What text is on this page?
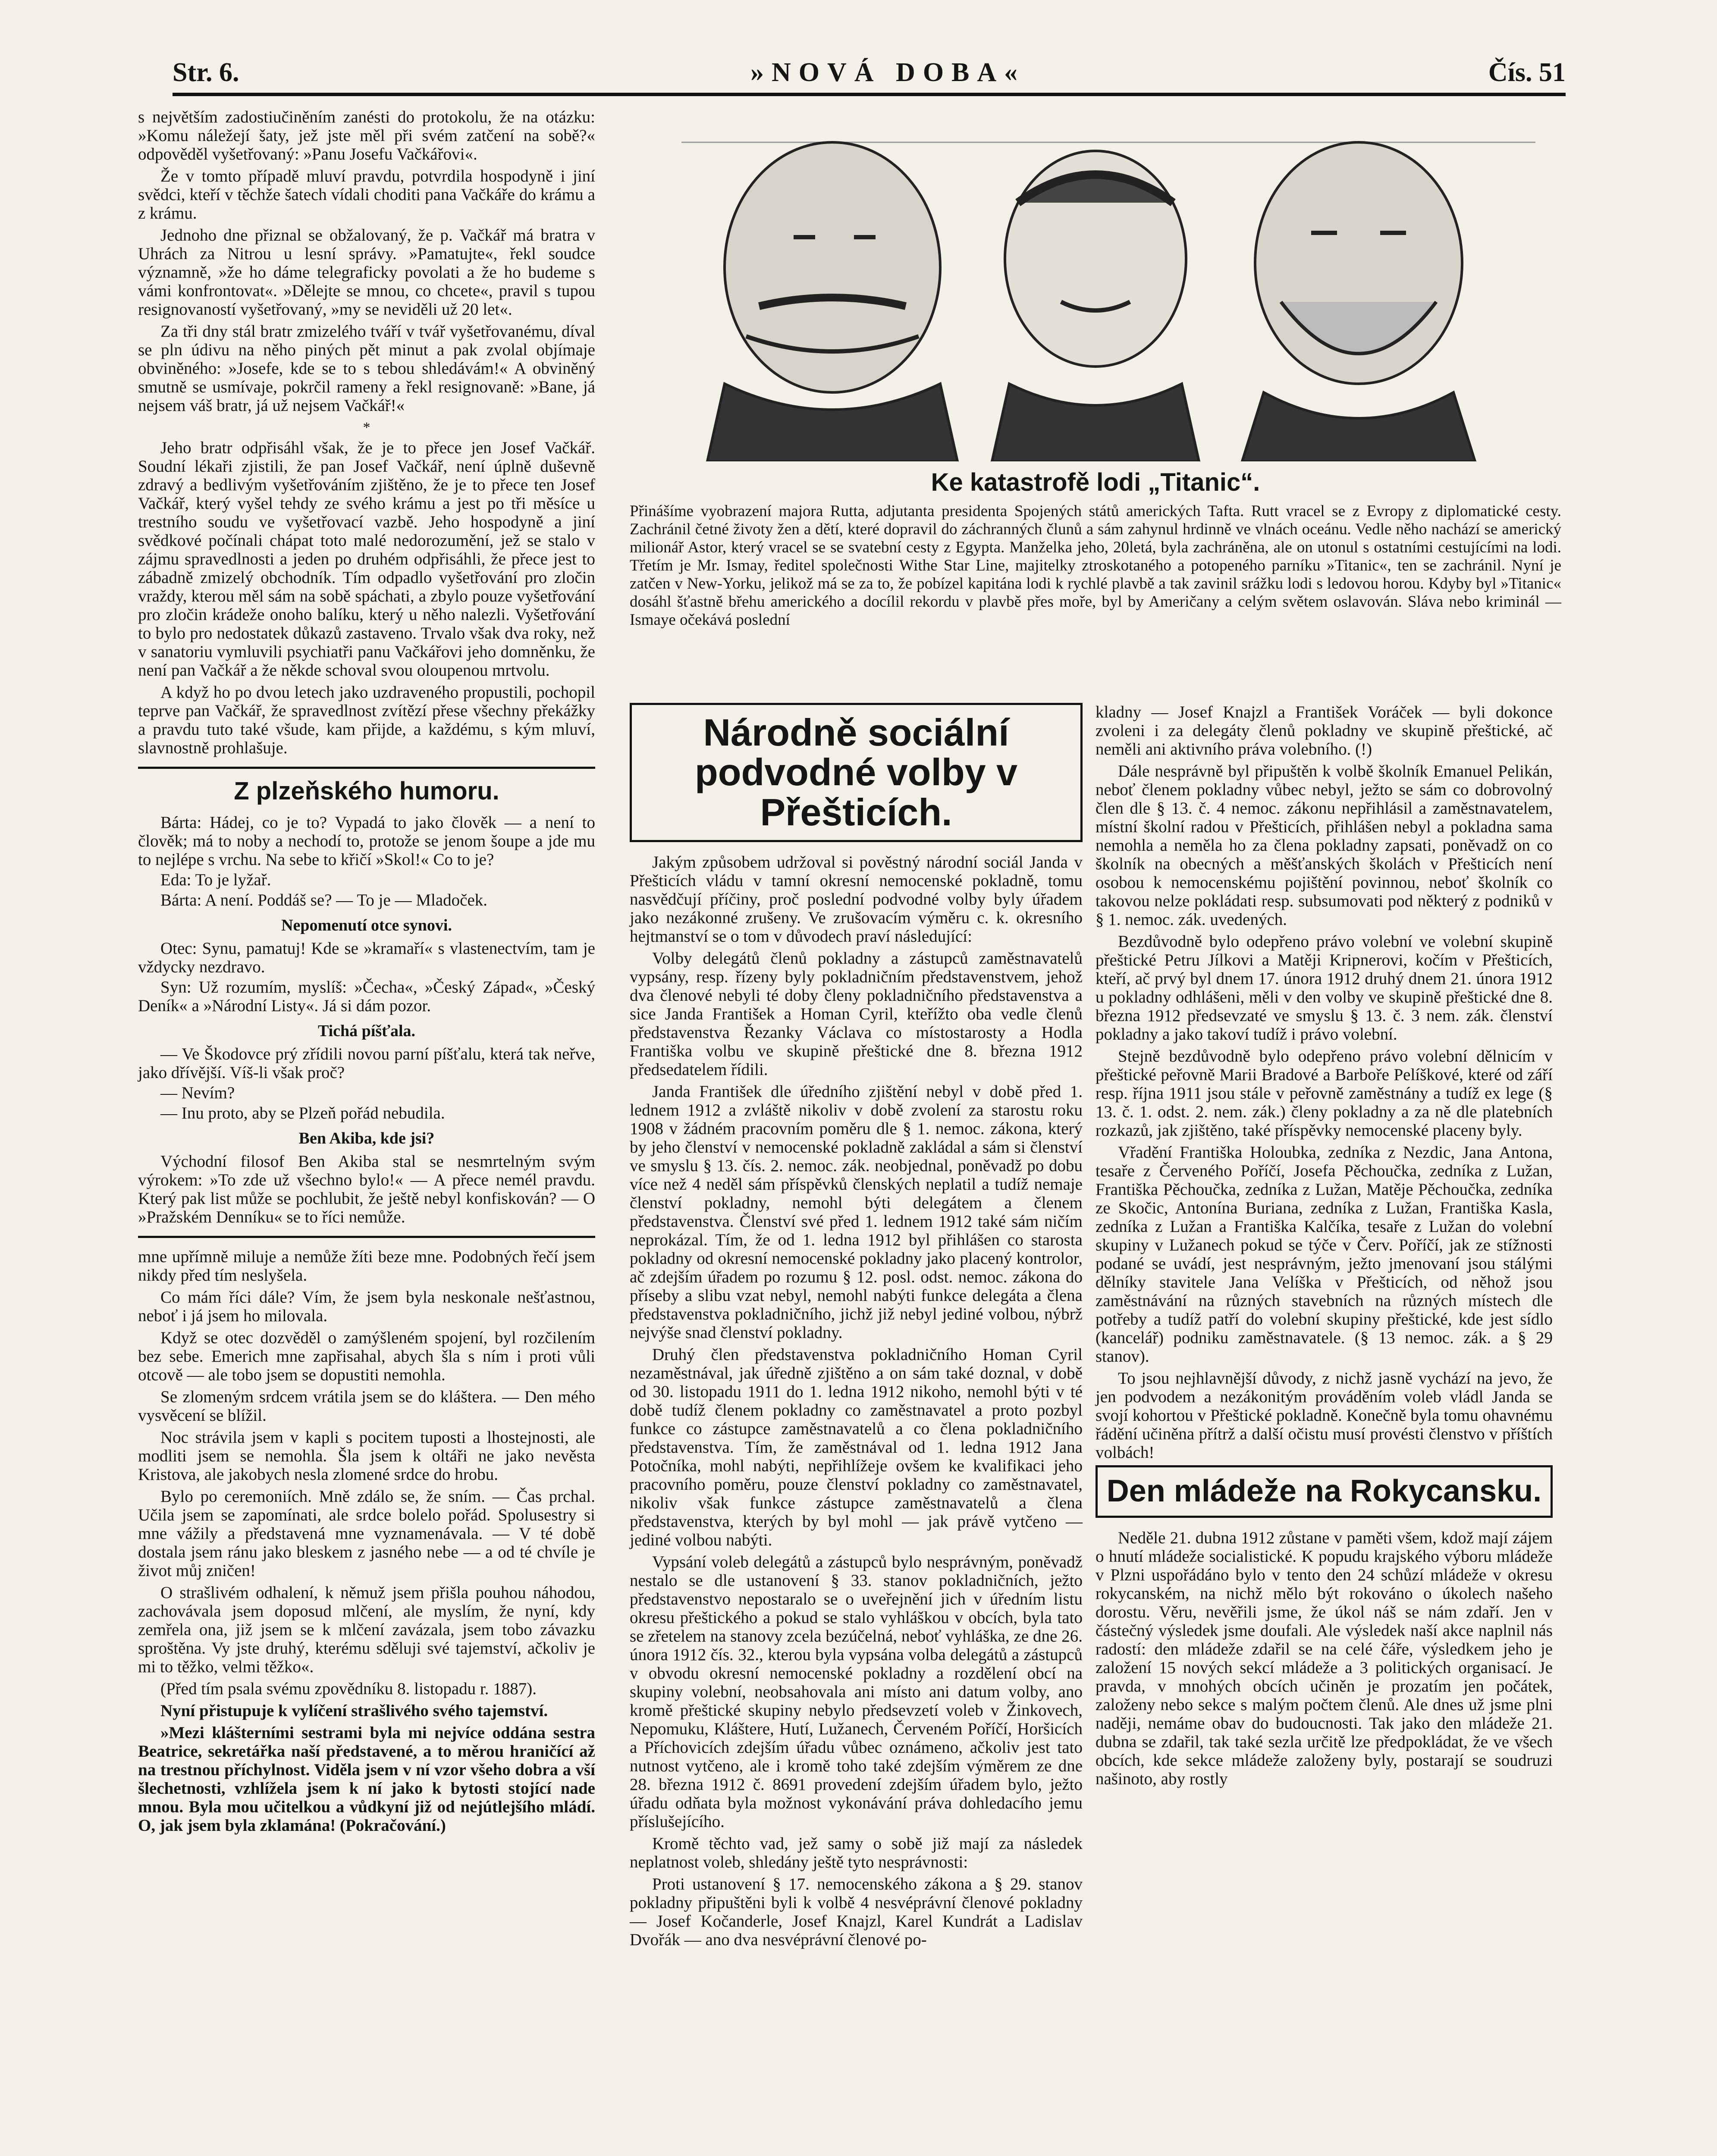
Str. 6.	»NOVÁ DOBA«	Čís. 51

s největším zadostiučiněním zanésti do protokolu, že na otázku: »Komu náležejí šaty, jež jste měl při svém zatčení na sobě?« odpověděl vyšetřovaný: »Panu Josefu Vačkářovi«.

Že v tomto případě mluví pravdu, potvrdila hospodyně i jiní svědci, kteří v těchže šatech vídali choditi pana Vačkáře do krámu a z krámu.

Jednoho dne přiznal se obžalovaný, že p. Vačkář má bratra v Uhrách za Nitrou u lesní správy. »Pamatujte«, řekl soudce významně, »že ho dáme telegraficky povolati a že ho budeme s vámi konfrontovat«. »Dělejte se mnou, co chcete«, pravil s tupou resignovaností vyšetřovaný, »my se neviděli už 20 let«.

Za tři dny stál bratr zmizelého tváří v tvář vyšetřovanému, díval se pln údivu na něho piných pět minut a pak zvolal objímaje obviněného: »Josefe, kde se to s tebou shledávám!« A obviněný smutně se usmívaje, pokrčil rameny a řekl resignovaně: »Bane, já nejsem váš bratr, já už nejsem Vačkář!«

*

Jeho bratr odpřisáhl však, že je to přece jen Josef Vačkář. Soudní lékaři zjistili, že pan Josef Vačkář, není úplně duševně zdravý a bedlivým vyšetřováním zjištěno, že je to přece ten Josef Vačkář, který vyšel tehdy ze svého krámu a jest po tři měsíce u trestního soudu ve vyšetřovací vazbě. Jeho hospodyně a jiní svědkové počínali chápat toto malé nedorozumění, jež se stalo v zájmu spravedlnosti a jeden po druhém odpřisáhli, že přece jest to zábadně zmizelý obchodník. Tím odpadlo vyšetřování pro zločin vraždy, kterou měl sám na sobě spáchati, a zbylo pouze vyšetřování pro zločin krádeže onoho balíku, který u něho nalezli. Vyšetřování to bylo pro nedostatek důkazů zastaveno. Trvalo však dva roky, než v sanatoriu vymluvili psychiatři panu Vačkářovi jeho domněnku, že není pan Vačkář a že někde schoval svou oloupenou mrtvolu.

A když ho po dvou letech jako uzdraveného propustili, pochopil teprve pan Vačkář, že spravedlnost zvítězí přese všechny překážky a pravdu tuto také všude, kam přijde, a každému, s kým mluví, slavnostně prohlašuje.

Z plzeňského humoru.

Bárta: Hádej, co je to? Vypadá to jako člověk — a není to člověk; má to noby a nechodí to, protože se jenom šoupe a jde mu to nejlépe s vrchu. Na sebe to křičí »Skol!« Co to je?

Eda: To je lyžař.

Bárta: A není. Poddáš se? — To je — Mladoček.

Nepomenutí otce synovi.

Otec: Synu, pamatuj! Kde se »kramaří« s vlastenectvím, tam je vždycky nezdravo.

Syn: Už rozumím, myslíš: »Čecha«, »Český Západ«, »Český Deník« a »Národní Listy«. Já si dám pozor.

Tichá píšťala.

— Ve Škodovce prý zřídili novou parní píšťalu, která tak neřve, jako dřívější. Víš-li však proč?

— Nevím?

— Inu proto, aby se Plzeň pořád nebudila.

Ben Akiba, kde jsi?

Východní filosof Ben Akiba stal se nesmrtelným svým výrokem: »To zde už všechno bylo!« — A přece nemél pravdu. Který pak list může se pochlubit, že ještě nebyl konfiskován? — O »Pražském Denníku« se to říci nemůže.

mne upřímně miluje a nemůže žíti beze mne. Podobných řečí jsem nikdy před tím neslyšela.

Co mám říci dále? Vím, že jsem byla neskonale nešťastnou, neboť i já jsem ho milovala.

Když se otec dozvěděl o zamýšleném spojení, byl rozčilením bez sebe. Emerich mne zapřisahal, abych šla s ním i proti vůli otcově — ale tobo jsem se dopustiti nemohla.

Se zlomeným srdcem vrátila jsem se do kláštera. — Den mého vysvěcení se blížil.

Noc strávila jsem v kapli s pocitem tuposti a lhostejnosti, ale modliti jsem se nemohla. Šla jsem k oltáři ne jako nevěsta Kristova, ale jakobych nesla zlomené srdce do hrobu.

Bylo po ceremoniích. Mně zdálo se, že sním. — Čas prchal. Učila jsem se zapomínati, ale srdce bolelo pořád. Spolusestry si mne vážily a představená mne vyznamenávala. — V té době dostala jsem ránu jako bleskem z jasného nebe — a od té chvíle je život můj zničen!

O strašlivém odhalení, k němuž jsem přišla pouhou náhodou, zachovávala jsem doposud mlčení, ale myslím, že nyní, kdy zemřela ona, již jsem se k mlčení zavázala, jsem tobo závazku sproštěna. Vy jste druhý, kterému sděluji své tajemství, ačkoliv je mi to těžko, velmi těžko«.

(Před tím psala svému zpovědníku 8. listopadu r. 1887).

Nyní přistupuje k vylíčení strašlivého svého tajemství.

»Mezi klášterními sestrami byla mi nejvíce oddána sestra Beatrice, sekretářka naší představené, a to měrou hraničící až na trestnou příchylnost. Viděla jsem v ní vzor všeho dobra a vší šlechetnosti, vzhlížela jsem k ní jako k bytosti stojící nade mnou. Byla mou učitelkou a vůdkyní již od nejútlejšího mládí. O, jak jsem byla zklamána! (Pokračování.)

Ke katastrofě lodi „Titanic“.
Přinášíme vyobrazení majora Rutta, adjutanta presidenta Spojených států amerických Tafta. Rutt vracel se z Evropy z diplomatické cesty. Zachránil četné životy žen a dětí, které dopravil do záchranných člunů a sám zahynul hrdinně ve vlnách oceánu. Vedle něho nachází se americký milionář Astor, který vracel se se svatební cesty z Egypta. Manželka jeho, 20letá, byla zachráněna, ale on utonul s ostatními cestujícími na lodi. Třetím je Mr. Ismay, ředitel společnosti Withe Star Line, majitelky ztroskotaného a potopeného parníku »Titanic«, ten se zachránil. Nyní je zatčen v New-Yorku, jelikož má se za to, že pobízel kapitána lodi k rychlé plavbě a tak zavinil srážku lodi s ledovou horou. Kdyby byl »Titanic« dosáhl šťastně břehu amerického a docílil rekordu v plavbě přes moře, byl by Američany a celým světem oslavován. Sláva nebo kriminál — Ismaye očekává poslední
Národně sociální podvodné volby v Přešticích.

Jakým způsobem udržoval si pověstný národní sociál Janda v Přešticích vládu v tamní okresní nemocenské pokladně, tomu nasvědčují příčiny, proč poslední podvodné volby byly úřadem jako nezákonné zrušeny. Ve zrušovacím výměru c. k. okresního hejtmanství se o tom v důvodech praví následující:

Volby delegátů členů pokladny a zástupců zaměstnavatelů vypsány, resp. řízeny byly pokladničním představenstvem, jehož dva členové nebyli té doby členy pokladničního představenstva a sice Janda František a Homan Cyril, kteřížto oba vedle členů představenstva Řezanky Václava co místostarosty a Hodla Františka volbu ve skupině přeštické dne 8. března 1912 předsedatelem řídili.

Janda František dle úředního zjištění nebyl v době před 1. lednem 1912 a zvláště nikoliv v době zvolení za starostu roku 1908 v žádném pracovním poměru dle § 1. nemoc. zákona, který by jeho členství v nemocenské pokladně zakládal a sám si členství ve smyslu § 13. čís. 2. nemoc. zák. neobjednal, poněvadž po dobu více než 4 neděl sám příspěvků členských neplatil a tudíž nemaje členství pokladny, nemohl býti delegátem a členem představenstva. Členství své před 1. lednem 1912 také sám ničím neprokázal. Tím, že od 1. ledna 1912 byl přihlášen co starosta pokladny od okresní nemocenské pokladny jako placený kontrolor, ač zdejším úřadem po rozumu § 12. posl. odst. nemoc. zákona do příseby a slibu vzat nebyl, nemohl nabýti funkce delegáta a člena představenstva pokladničního, jichž již nebyl jediné volbou, nýbrž nejvýše snad členství pokladny.

Druhý člen představenstva pokladničního Homan Cyril nezaměstnával, jak úředně zjištěno a on sám také doznal, v době od 30. listopadu 1911 do 1. ledna 1912 nikoho, nemohl býti v té době tudíž členem pokladny co zaměstnavatel a proto pozbyl funkce co zástupce zaměstnavatelů a co člena pokladničního představenstva. Tím, že zaměstnával od 1. ledna 1912 Jana Potočníka, mohl nabýti, nepřihlížeje ovšem ke kvalifikaci jeho pracovního poměru, pouze členství pokladny co zaměstnavatel, nikoliv však funkce zástupce zaměstnavatelů a člena představenstva, kterých by byl mohl — jak právě vytčeno — jediné volbou nabýti.

Vypsání voleb delegátů a zástupců bylo nesprávným, poněvadž nestalo se dle ustanovení § 33. stanov pokladničních, ježto představenstvo nepostaralo se o uveřejnění jich v úředním listu okresu přeštického a pokud se stalo vyhláškou v obcích, byla tato se zřetelem na stanovy zcela bezúčelná, neboť vyhláška, ze dne 26. února 1912 čís. 32., kterou byla vypsána volba delegátů a zástupců v obvodu okresní nemocenské pokladny a rozdělení obcí na skupiny volební, neobsahovala ani místo ani datum volby, ano kromě přeštické skupiny nebylo předsevzetí voleb v Žinkovech, Nepomuku, Kláštere, Hutí, Lužanech, Červeném Poříčí, Horšicích a Příchovicích zdejším úřadu vůbec oznámeno, ačkoliv jest tato nutnost vytčeno, ale i kromě toho také zdejším výměrem ze dne 28. března 1912 č. 8691 provedení zdejším úřadem bylo, ježto úřadu odňata byla možnost vykonávání práva dohledacího jemu příslušejícího.

Kromě těchto vad, jež samy o sobě již mají za následek neplatnost voleb, shledány ještě tyto nesprávnosti:

Proti ustanovení § 17. nemocenského zákona a § 29. stanov pokladny připuštěni byli k volbě 4 nesvéprávní členové pokladny — Josef Kočanderle, Josef Knajzl, Karel Kundrát a Ladislav Dvořák — ano dva nesvéprávní členové po-

kladny — Josef Knajzl a František Voráček — byli dokonce zvoleni i za delegáty členů pokladny ve skupině přeštické, ač neměli ani aktivního práva volebního. (!)

Dále nesprávně byl připuštěn k volbě školník Emanuel Pelikán, neboť členem pokladny vůbec nebyl, ježto se sám co dobrovolný člen dle § 13. č. 4 nemoc. zákonu nepřihlásil a zaměstnavatelem, místní školní radou v Přešticích, přihlášen nebyl a pokladna sama nemohla a neměla ho za člena pokladny zapsati, poněvadž on co školník na obecných a měšťanských školách v Přešticích není osobou k nemocenskému pojištění povinnou, neboť školník co takovou nelze pokládati resp. subsumovati pod některý z podniků v § 1. nemoc. zák. uvedených.

Bezdůvodně bylo odepřeno právo volební ve volební skupině přeštické Petru Jílkovi a Matěji Kripnerovi, kočím v Přešticích, kteří, ač prvý byl dnem 17. února 1912 druhý dnem 21. února 1912 u pokladny odhlášeni, měli v den volby ve skupině přeštické dne 8. března 1912 předsevzaté ve smyslu § 13. č. 3 nem. zák. členství pokladny a jako takoví tudíž i právo volební.

Stejně bezdůvodně bylo odepřeno právo volební dělnicím v přeštické peřovně Marii Bradové a Barboře Pelíškové, které od září resp. října 1911 jsou stále v peřovně zaměstnány a tudíž ex lege (§ 13. č. 1. odst. 2. nem. zák.) členy pokladny a za ně dle platebních rozkazů, jak zjištěno, také příspěvky nemocenské placeny byly.

Vřadění Františka Holoubka, zedníka z Nezdic, Jana Antona, tesaře z Červeného Poříčí, Josefa Pěchoučka, zedníka z Lužan, Františka Pěchoučka, zedníka z Lužan, Matěje Pěchoučka, zedníka ze Skočic, Antonína Buriana, zedníka z Lužan, Františka Kasla, zedníka z Lužan a Františka Kalčíka, tesaře z Lužan do volební skupiny v Lužanech pokud se týče v Červ. Poříčí, jak ze stížnosti podané se uvádí, jest nesprávným, ježto jmenovaní jsou stálými dělníky stavitele Jana Velíška v Přešticích, od něhož jsou zaměstnávání na různých stavebních na různých místech dle potřeby a tudíž patří do volební skupiny přeštické, kde jest sídlo (kancelář) podniku zaměstnavatele. (§ 13 nemoc. zák. a § 29 stanov).

To jsou nejhlavnější důvody, z nichž jasně vychází na jevo, že jen podvodem a nezákonitým prováděním voleb vládl Janda se svojí kohortou v Přeštické pokladně. Konečně byla tomu ohavnému řádění učiněna přítrž a další očistu musí provésti členstvo v příštích volbách!

Den mládeže na Rokycansku.

Neděle 21. dubna 1912 zůstane v paměti všem, kdož mají zájem o hnutí mládeže socialistické. K popudu krajského výboru mládeže v Plzni uspořádáno bylo v tento den 24 schůzí mládeže v okresu rokycanském, na nichž mělo být rokováno o úkolech našeho dorostu. Věru, nevěřili jsme, že úkol náš se nám zdaří. Jen v částečný výsledek jsme doufali. Ale výsledek naší akce naplnil nás radostí: den mládeže zdařil se na celé čáře, výsledkem jeho je založení 15 nových sekcí mládeže a 3 politických organisací. Je pravda, v mnohých obcích učiněn je prozatím jen počátek, založeny nebo sekce s malým počtem členů. Ale dnes už jsme plni naději, nemáme obav do budoucnosti. Tak jako den mládeže 21. dubna se zdařil, tak také sezla určitě lze předpokládat, že ve všech obcích, kde sekce mládeže založeny byly, postarají se soudruzi našinoto, aby rostly
